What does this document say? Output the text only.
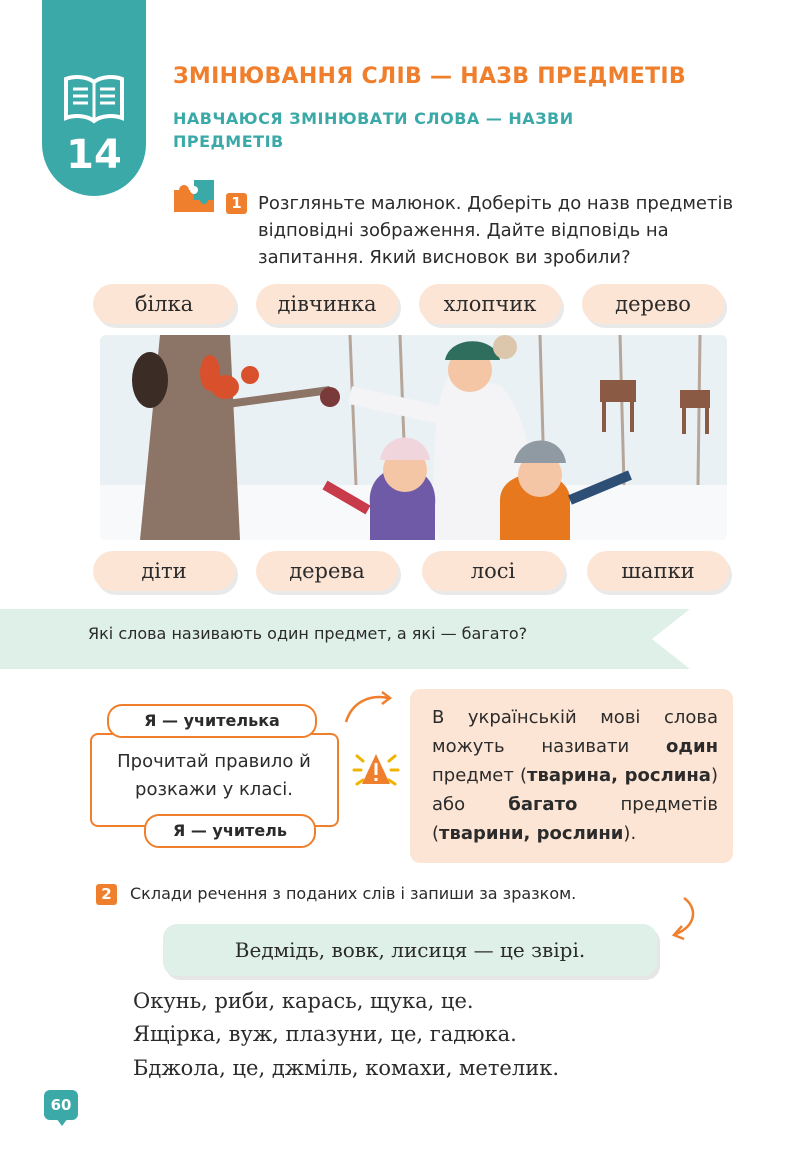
14
ЗМІНЮВАННЯ СЛІВ — НАЗВ ПРЕДМЕТІВ
НАВЧАЮСЯ ЗМІНЮВАТИ СЛОВА — НАЗВИ ПРЕДМЕТІВ
1 Розгляньте малюнок. Доберіть до назв предметів відповідні зображення. Дайте відповідь на запитання. Який висновок ви зробили?
білка	дівчинка	хлопчик	дерево
діти	дерева	лосі	шапки
Які слова називають один предмет, а які — багато?
Прочитай правило й розкажи у класі.
Я — учителька
Я — учитель
В українській мові слова можуть називати один предмет (тварина, рослина) або багато предметів (тварини, рослини).
2	Склади речення з поданих слів і запиши за зразком.
Ведмідь, вовк, лисиця — це звірі.
Окунь, риби, карась, щука, це.
Ящірка, вуж, плазуни, це, гадюка.
Бджола, це, джміль, комахи, метелик.
60
